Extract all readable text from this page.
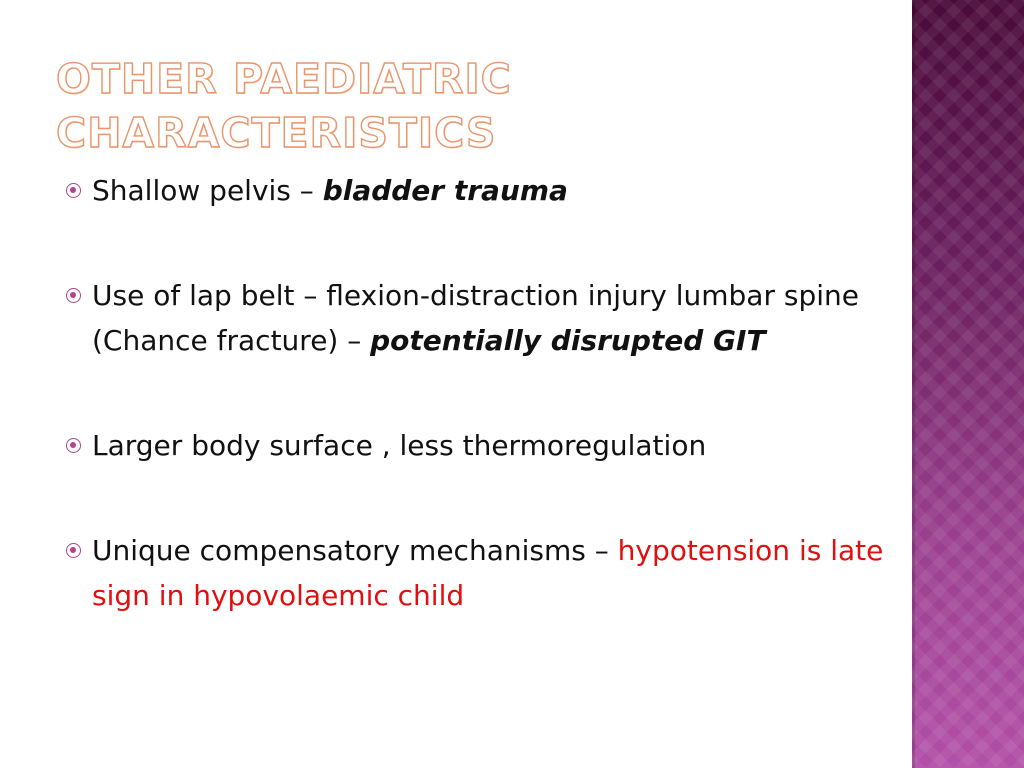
OTHER PAEDIATRIC
CHARACTERISTICS
Shallow pelvis – bladder trauma
Use of lap belt – flexion-distraction injury lumbar spine (Chance fracture) – potentially disrupted GIT
Larger body surface , less thermoregulation
Unique compensatory mechanisms – hypotension is late sign in hypovolaemic child
